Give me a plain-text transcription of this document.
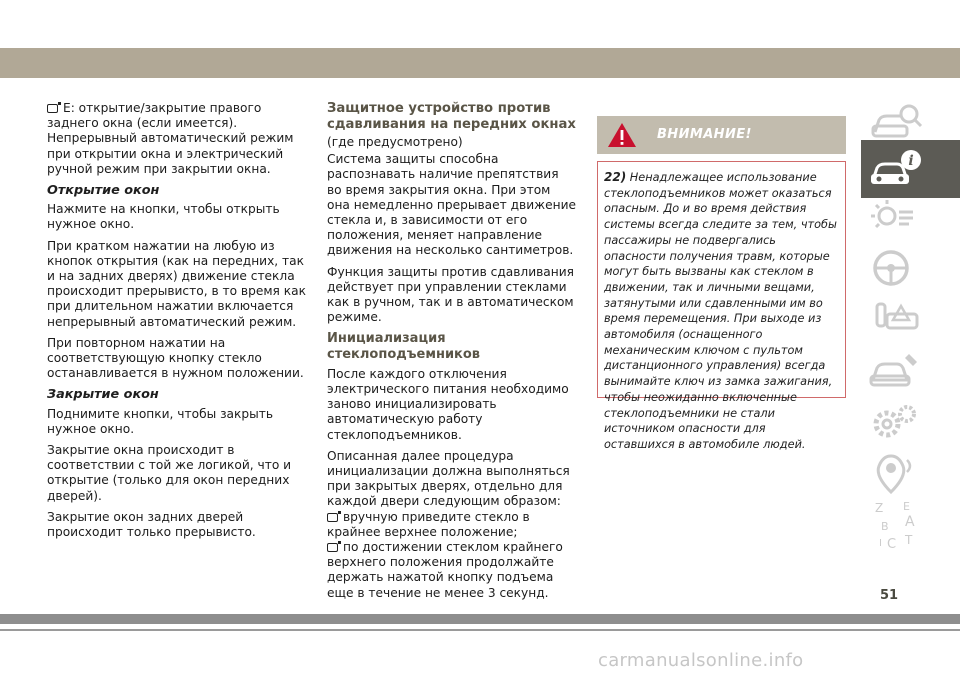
E: открытие/закрытие правого заднего окна (если имеется). Непрерывный автоматический режим при открытии окна и электрический ручной режим при закрытии окна.

Открытие окон

Нажмите на кнопки, чтобы открыть нужное окно.

При кратком нажатии на любую из кнопок открытия (как на передних, так и на задних дверях) движение стекла происходит прерывисто, в то время как при длительном нажатии включается непрерывный автоматический режим.

При повторном нажатии на соответствующую кнопку стекло останавливается в нужном положении.

Закрытие окон

Поднимите кнопки, чтобы закрыть нужное окно.

Закрытие окна происходит в соответствии с той же логикой, что и открытие (только для окон передних дверей).

Закрытие окон задних дверей происходит только прерывисто.

Защитное устройство против сдавливания на передних окнах

(где предусмотрено)

Система защиты способна распознавать наличие препятствия во время закрытия окна. При этом она немедленно прерывает движение стекла и, в зависимости от его положения, меняет направление движения на несколько сантиметров.

Функция защиты против сдавливания действует при управлении стеклами как в ручном, так и в автоматическом режиме.

Инициализация стеклоподъемников

После каждого отключения электрического питания необходимо заново инициализировать автоматическую работу стеклоподъемников.

Описанная далее процедура инициализации должна выполняться при закрытых дверях, отдельно для каждой двери следующим образом:

вручную приведите стекло в крайнее верхнее положение;

по достижении стеклом крайнего верхнего положения продолжайте держать нажатой кнопку подъема еще в течение не менее 3 секунд.

ВНИМАНИЕ!
22) Ненадлежащее использование стеклоподъемников может оказаться опасным. До и во время действия системы всегда следите за тем, чтобы пассажиры не подвергались опасности получения травм, которые могут быть вызваны как стеклом в движении, так и личными вещами, затянутыми или сдавленными им во время перемещения. При выходе из автомобиля (оснащенного механическим ключом с пультом дистанционного управления) всегда вынимайте ключ из замка зажигания, чтобы неожиданно включенные стеклоподъемники не стали источником опасности для оставшихся в автомобиле людей.
i
Z E
B A
I C T
51
carmanualsonline.info
